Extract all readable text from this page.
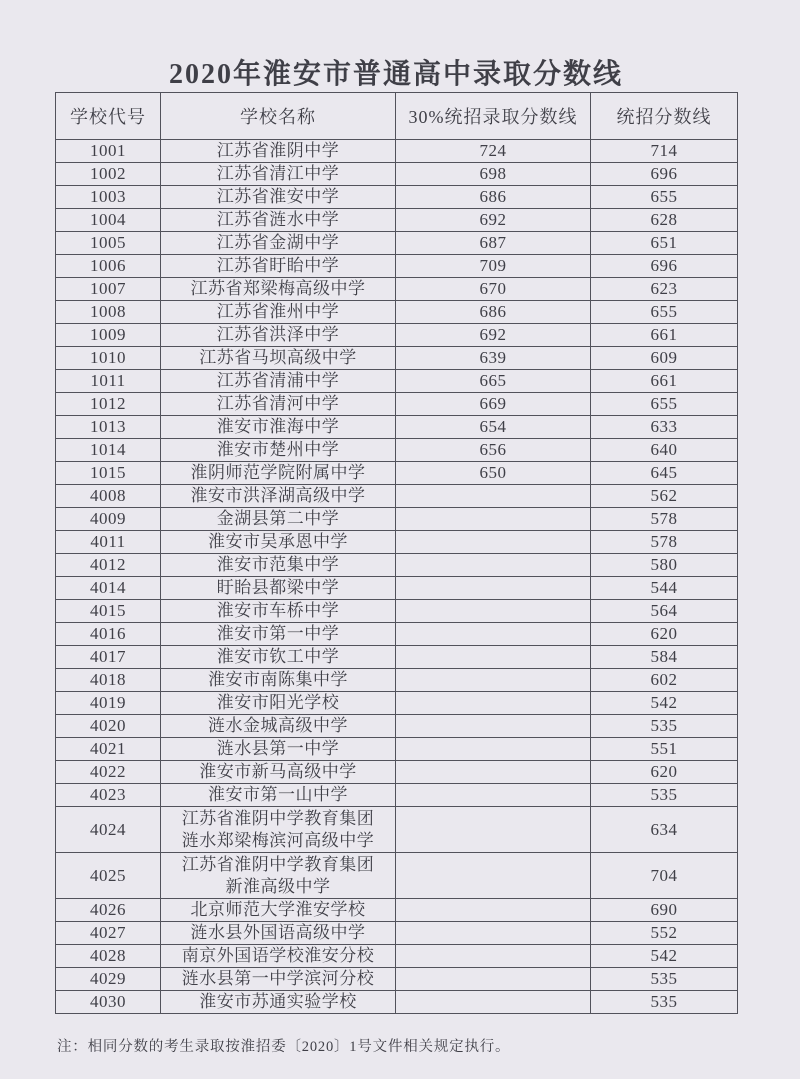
2020年淮安市普通高中录取分数线
学校代号	学校名称	30%统招录取分数线	统招分数线
1001	江苏省淮阴中学	724	714
1002	江苏省清江中学	698	696
1003	江苏省淮安中学	686	655
1004	江苏省涟水中学	692	628
1005	江苏省金湖中学	687	651
1006	江苏省盱眙中学	709	696
1007	江苏省郑梁梅高级中学	670	623
1008	江苏省淮州中学	686	655
1009	江苏省洪泽中学	692	661
1010	江苏省马坝高级中学	639	609
1011	江苏省清浦中学	665	661
1012	江苏省清河中学	669	655
1013	淮安市淮海中学	654	633
1014	淮安市楚州中学	656	640
1015	淮阴师范学院附属中学	650	645
4008	淮安市洪泽湖高级中学		562
4009	金湖县第二中学		578
4011	淮安市吴承恩中学		578
4012	淮安市范集中学		580
4014	盱眙县都梁中学		544
4015	淮安市车桥中学		564
4016	淮安市第一中学		620
4017	淮安市钦工中学		584
4018	淮安市南陈集中学		602
4019	淮安市阳光学校		542
4020	涟水金城高级中学		535
4021	涟水县第一中学		551
4022	淮安市新马高级中学		620
4023	淮安市第一山中学		535
4024	江苏省淮阴中学教育集团
涟水郑梁梅滨河高级中学		634
4025	江苏省淮阴中学教育集团
新淮高级中学		704
4026	北京师范大学淮安学校		690
4027	涟水县外国语高级中学		552
4028	南京外国语学校淮安分校		542
4029	涟水县第一中学滨河分校		535
4030	淮安市苏通实验学校		535

注：相同分数的考生录取按淮招委〔2020〕1号文件相关规定执行。
